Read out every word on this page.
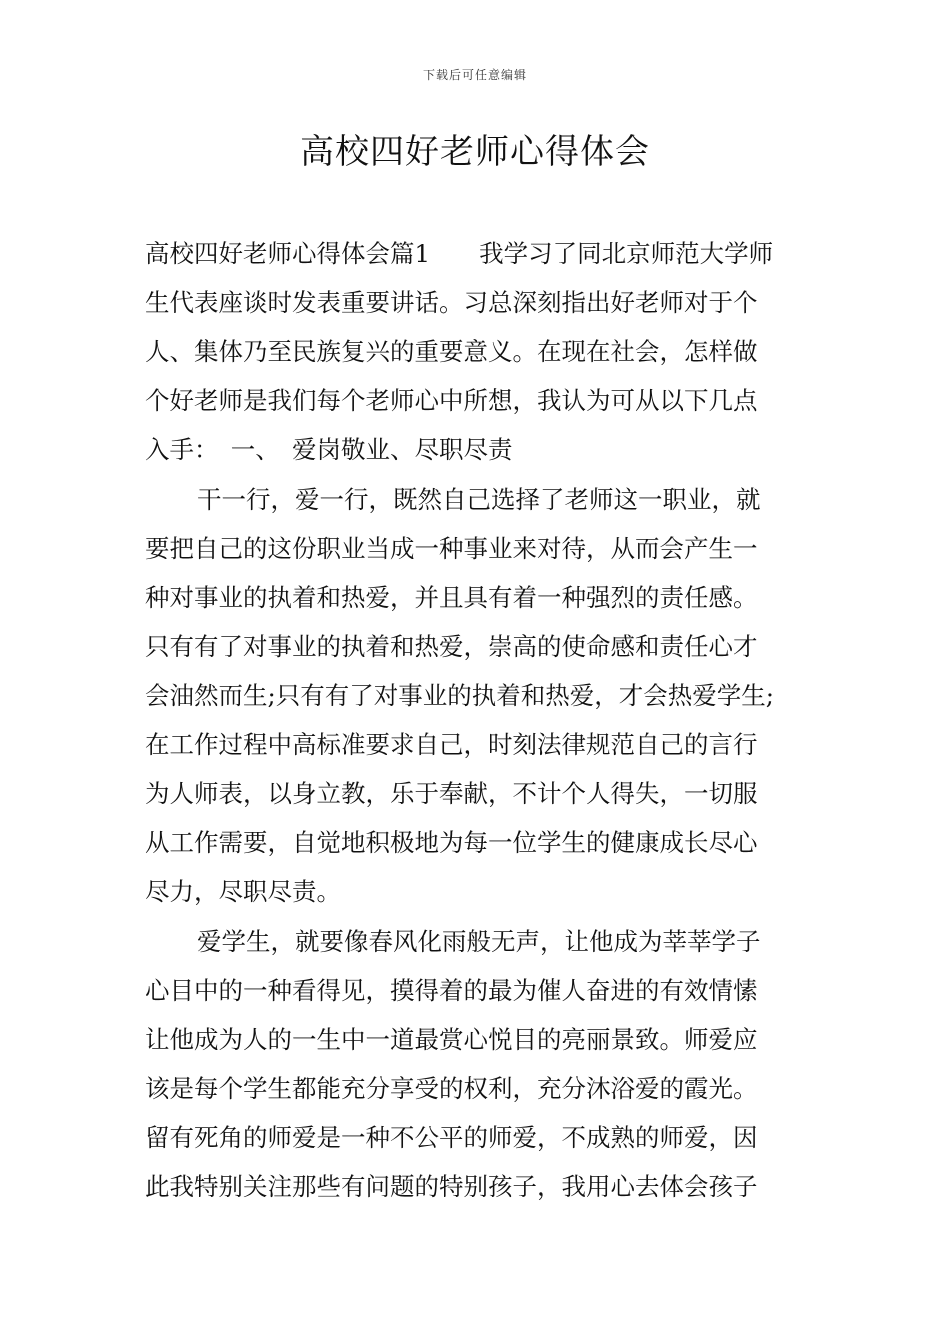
下载后可任意编辑
高校四好老师心得体会
高校四好老师心得体会篇1　　我学习了同北京师范大学师
生代表座谈时发表重要讲话。习总深刻指出好老师对于个
人、集体乃至民族复兴的重要意义。在现在社会，怎样做
个好老师是我们每个老师心中所想，我认为可从以下几点
入手：　一、　爱岗敬业、尽职尽责
干一行，爱一行，既然自己选择了老师这一职业，就
要把自己的这份职业当成一种事业来对待，从而会产生一
种对事业的执着和热爱，并且具有着一种强烈的责任感。
只有有了对事业的执着和热爱，崇高的使命感和责任心才
会油然而生;只有有了对事业的执着和热爱，才会热爱学生;
在工作过程中高标准要求自己，时刻法律规范自己的言行
为人师表，以身立教，乐于奉献，不计个人得失，一切服
从工作需要，自觉地积极地为每一位学生的健康成长尽心
尽力，尽职尽责。
爱学生，就要像春风化雨般无声，让他成为莘莘学子
心目中的一种看得见，摸得着的最为催人奋进的有效情愫
让他成为人的一生中一道最赏心悦目的亮丽景致。师爱应
该是每个学生都能充分享受的权利，充分沐浴爱的霞光。
留有死角的师爱是一种不公平的师爱，不成熟的师爱，因
此我特别关注那些有问题的特别孩子，我用心去体会孩子
